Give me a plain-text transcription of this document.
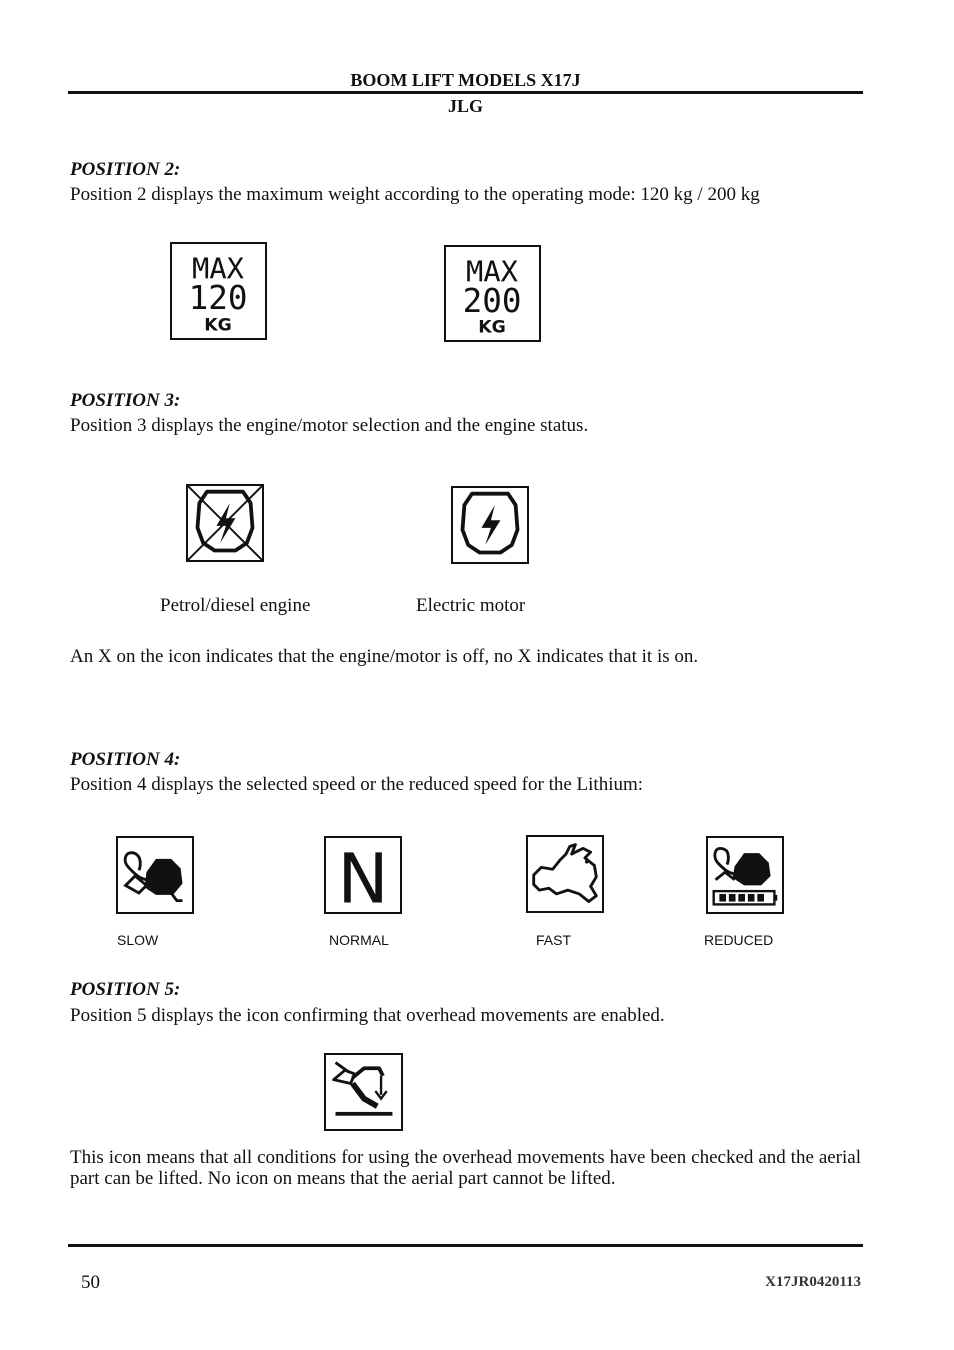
BOOM LIFT MODELS X17J
JLG
POSITION 2:
Position 2 displays the maximum weight according to the operating mode: 120 kg / 200 kg
MAX
120
KG
MAX
200
KG
POSITION 3:
Position 3 displays the engine/motor selection and the engine status.
Petrol/diesel engine	Electric motor
An X on the icon indicates that the engine/motor is off, no X indicates that it is on.
POSITION 4:
Position 4 displays the selected speed or the reduced speed for the Lithium:
N
SLOW	NORMAL	FAST	REDUCED
POSITION 5:
Position 5 displays the icon confirming that overhead movements are enabled.
This icon means that all conditions for using the overhead movements have been checked and the aerial part can be lifted. No icon on means that the aerial part cannot be lifted.
50	X17JR0420113
